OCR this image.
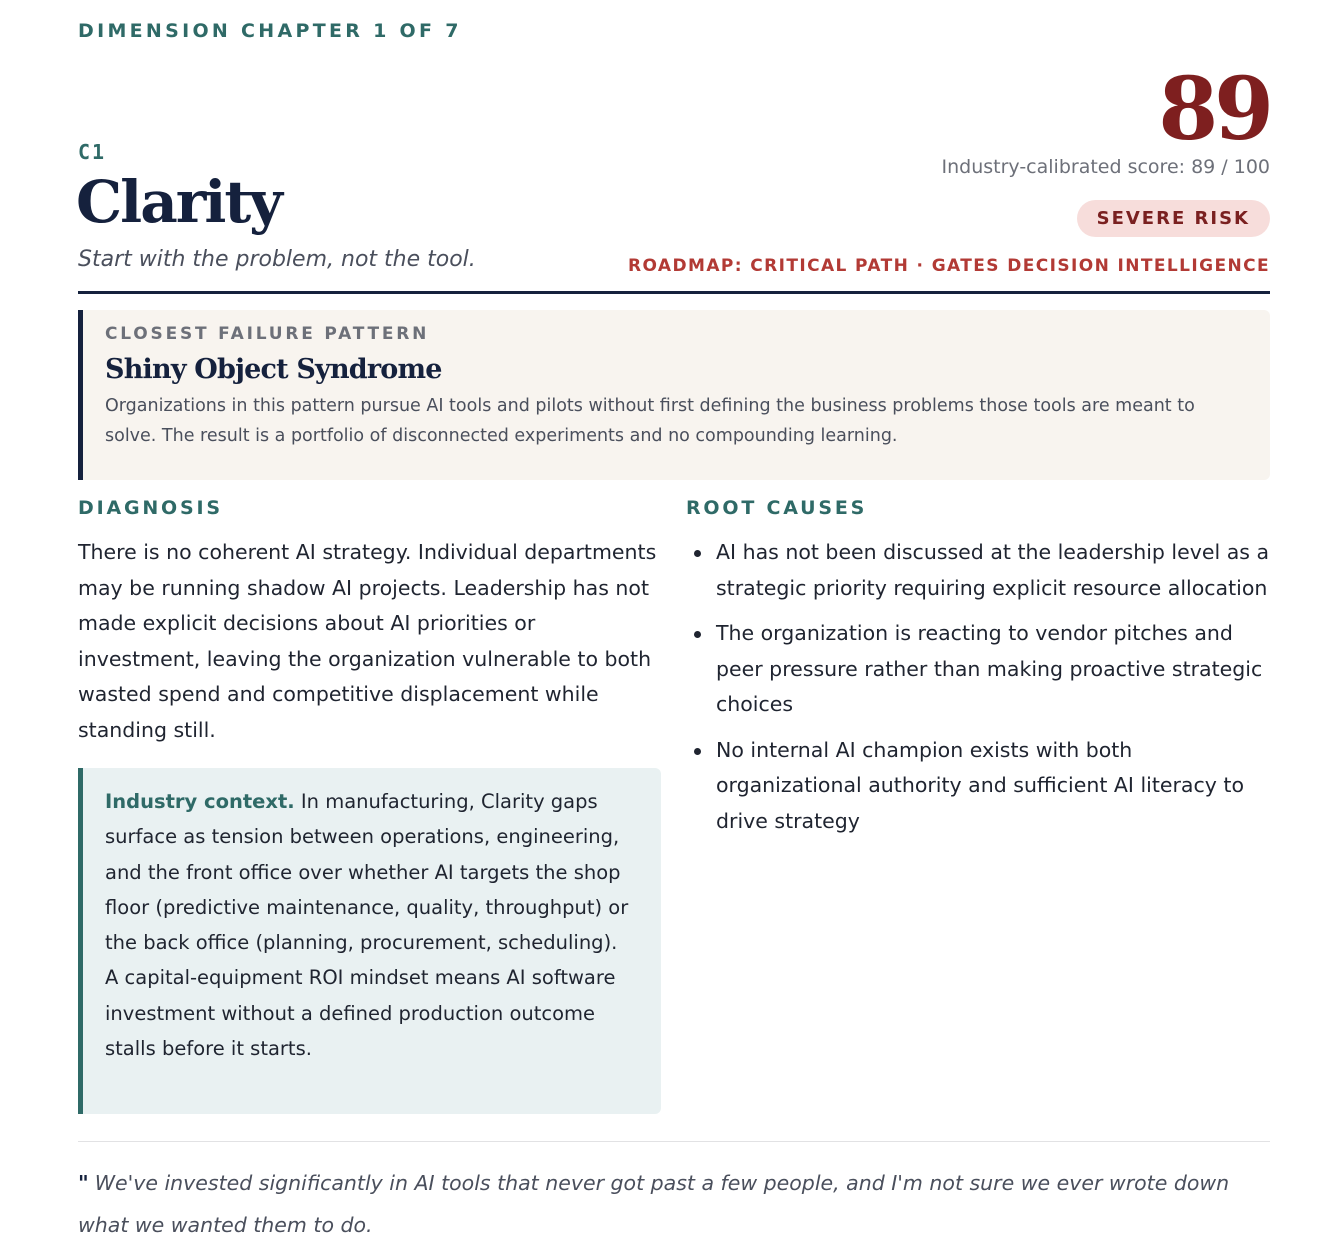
DIMENSION CHAPTER 1 OF 7
C1
Clarity
Start with the problem, not the tool.
89
Industry-calibrated score: 89 / 100
SEVERE RISK
ROADMAP: CRITICAL PATH · GATES DECISION INTELLIGENCE
CLOSEST FAILURE PATTERN
Shiny Object Syndrome

Organizations in this pattern pursue AI tools and pilots without first defining the business problems those tools are meant to solve. The result is a portfolio of disconnected experiments and no compounding learning.

DIAGNOSIS

There is no coherent AI strategy. Individual departments may be running shadow AI projects. Leadership has not made explicit decisions about AI priorities or investment, leaving the organization vulnerable to both wasted spend and competitive displacement while standing still.

Industry context. In manufacturing, Clarity gaps surface as tension between operations, engineering, and the front office over whether AI targets the shop floor (predictive maintenance, quality, throughput) or the back office (planning, procurement, scheduling). A capital-equipment ROI mindset means AI software investment without a defined production outcome stalls before it starts.
ROOT CAUSES
AI has not been discussed at the leadership level as a strategic priority requiring explicit resource allocation
The organization is reacting to vendor pitches and peer pressure rather than making proactive strategic choices
No internal AI champion exists with both organizational authority and sufficient AI literacy to drive strategy
" We've invested significantly in AI tools that never got past a few people, and I'm not sure we ever wrote down what we wanted them to do.
